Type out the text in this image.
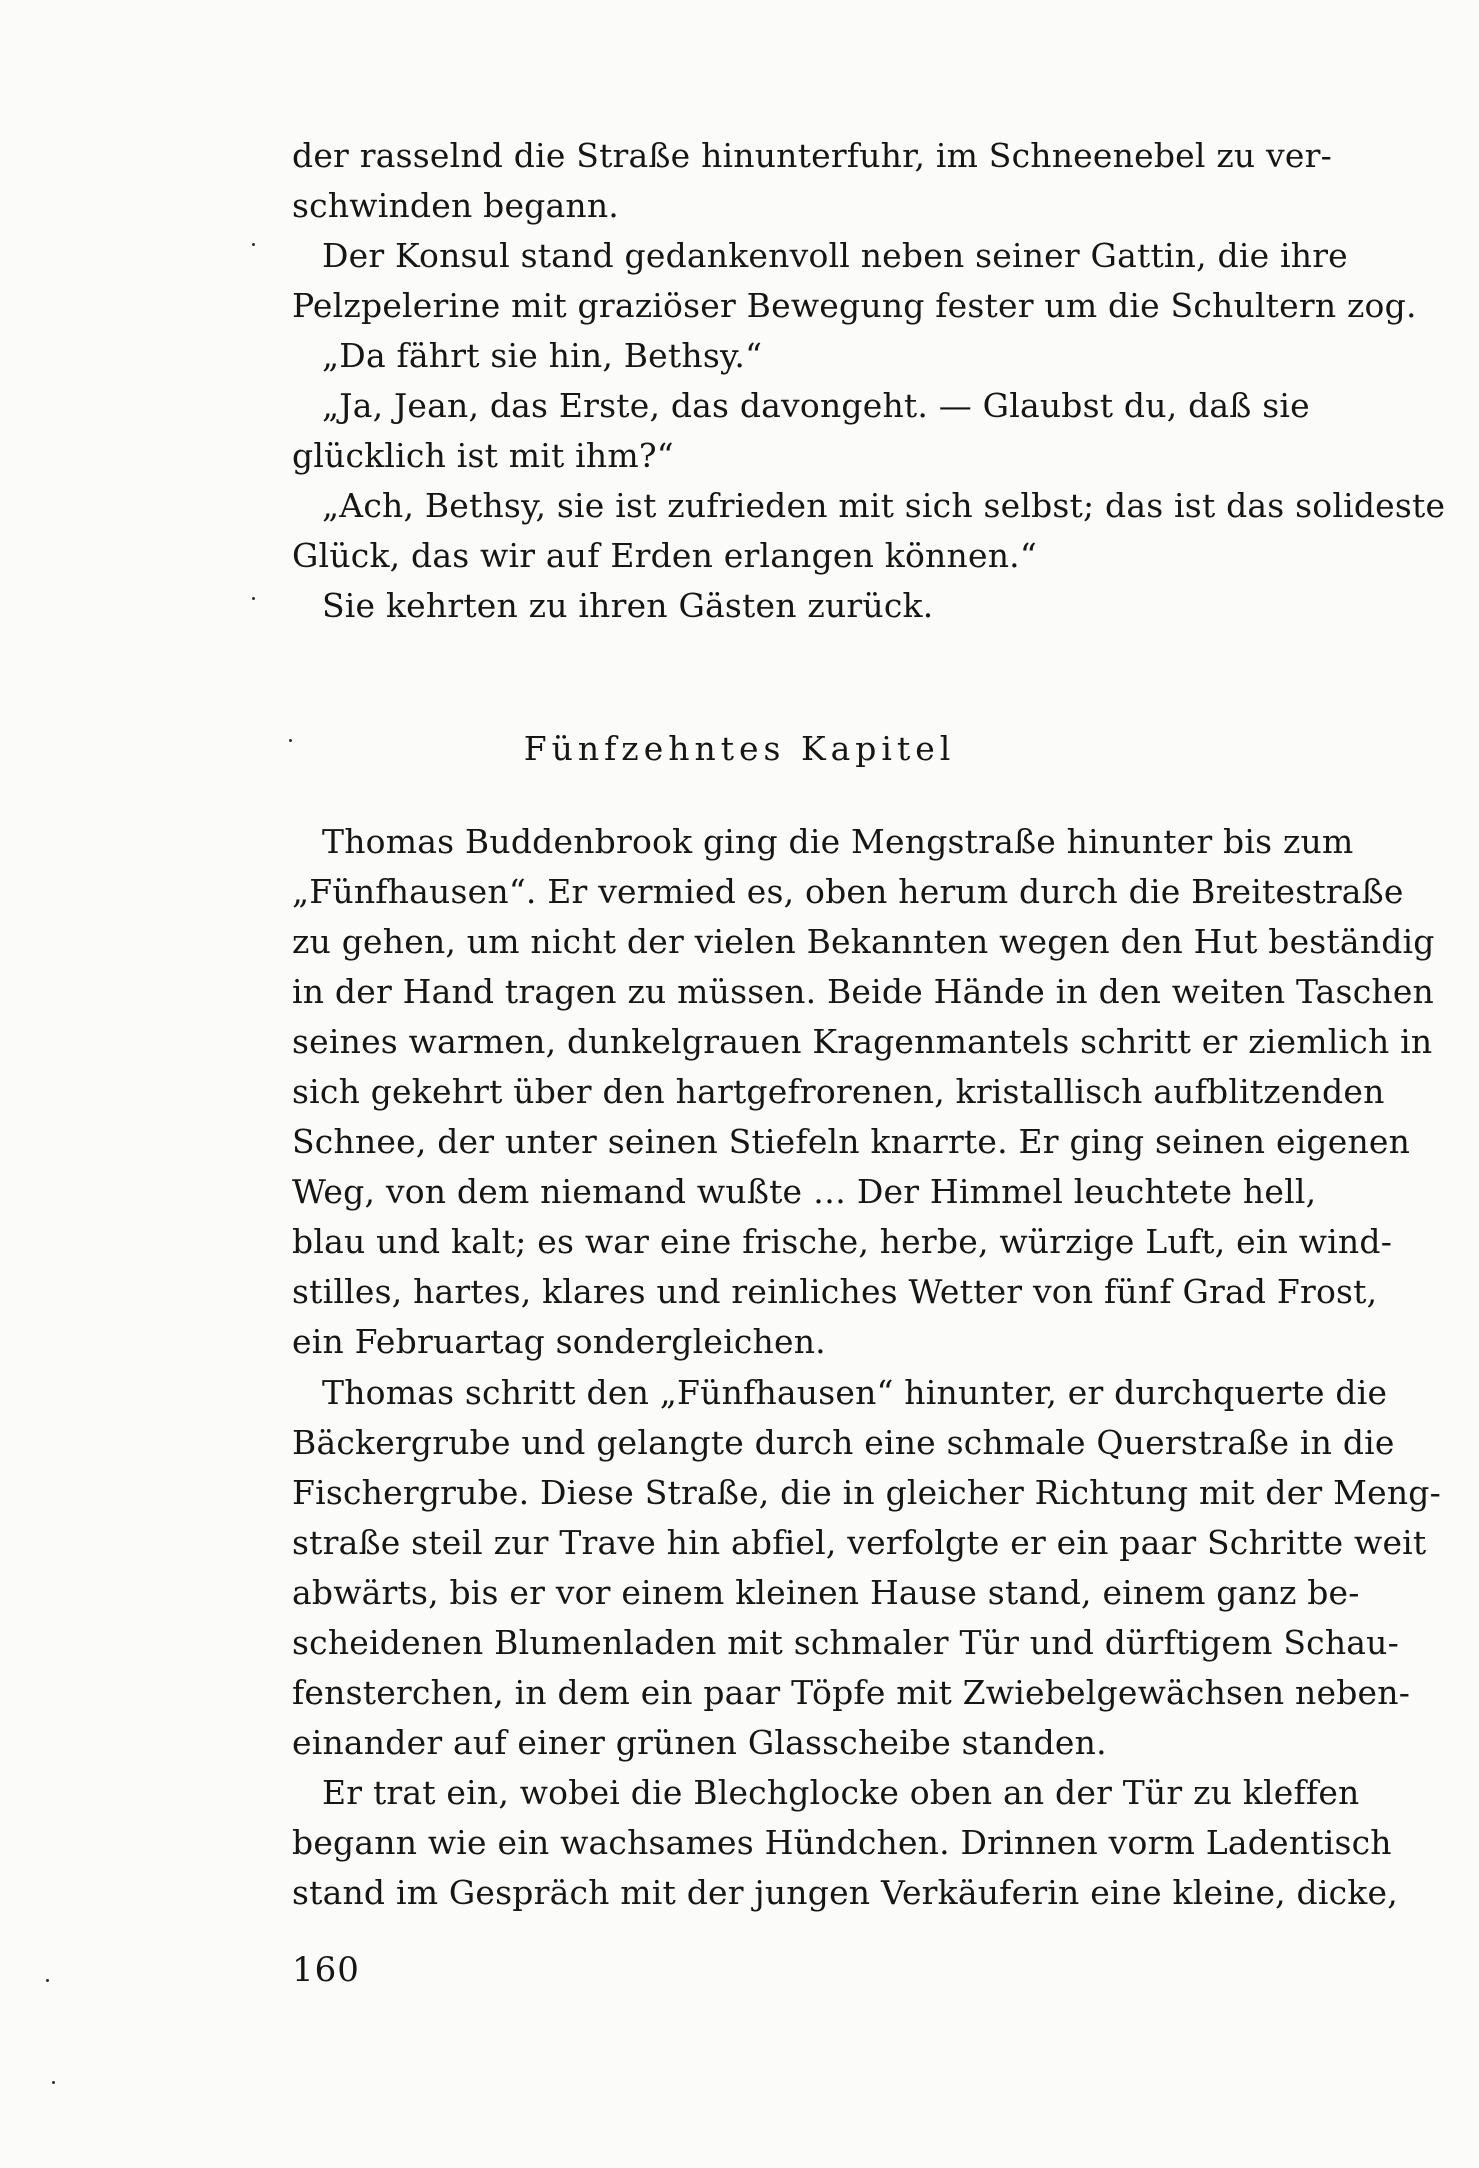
der rasselnd die Straße hinunterfuhr, im Schneenebel zu ver-
schwinden begann.
Der Konsul stand gedankenvoll neben seiner Gattin, die ihre
Pelzpelerine mit graziöser Bewegung fester um die Schultern zog.
„Da fährt sie hin, Bethsy.“
„Ja, Jean, das Erste, das davongeht. — Glaubst du, daß sie
glücklich ist mit ihm?“
„Ach, Bethsy, sie ist zufrieden mit sich selbst; das ist das solideste
Glück, das wir auf Erden erlangen können.“
Sie kehrten zu ihren Gästen zurück.
Fünfzehntes Kapitel
Thomas Buddenbrook ging die Mengstraße hinunter bis zum
„Fünfhausen“. Er vermied es, oben herum durch die Breitestraße
zu gehen, um nicht der vielen Bekannten wegen den Hut beständig
in der Hand tragen zu müssen. Beide Hände in den weiten Taschen
seines warmen, dunkelgrauen Kragenmantels schritt er ziemlich in
sich gekehrt über den hartgefrorenen, kristallisch aufblitzenden
Schnee, der unter seinen Stiefeln knarrte. Er ging seinen eigenen
Weg, von dem niemand wußte … Der Himmel leuchtete hell,
blau und kalt; es war eine frische, herbe, würzige Luft, ein wind-
stilles, hartes, klares und reinliches Wetter von fünf Grad Frost,
ein Februartag sondergleichen.
Thomas schritt den „Fünfhausen“ hinunter, er durchquerte die
Bäckergrube und gelangte durch eine schmale Querstraße in die
Fischergrube. Diese Straße, die in gleicher Richtung mit der Meng-
straße steil zur Trave hin abfiel, verfolgte er ein paar Schritte weit
abwärts, bis er vor einem kleinen Hause stand, einem ganz be-
scheidenen Blumenladen mit schmaler Tür und dürftigem Schau-
fensterchen, in dem ein paar Töpfe mit Zwiebelgewächsen neben-
einander auf einer grünen Glasscheibe standen.
Er trat ein, wobei die Blechglocke oben an der Tür zu kleffen
begann wie ein wachsames Hündchen. Drinnen vorm Ladentisch
stand im Gespräch mit der jungen Verkäuferin eine kleine, dicke,
160
